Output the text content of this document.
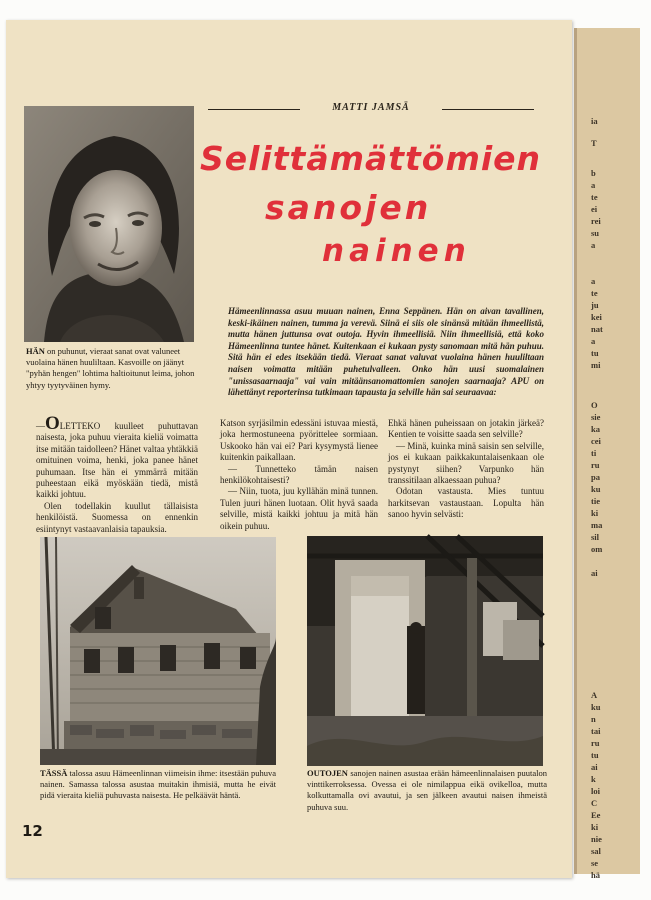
ia
T
b
a
te
ei
rei
su
a
a
te
ju
kei
nat
a
tu
mi
O
sie
ka
cei
ti
ru
pa
ku
tie
ki
ma
sil
om
ai
A
ku
n
tai
ru
tu
ai
k
loi
C
Ee
ki
nie
sal
se
hä
HÄN on puhunut, vieraat sanat ovat valuneet vuolaina hänen huuliltaan. Kasvoille on jäänyt "pyhän hengen" lohtima haltioitunut leima, johon yhtyy tyytyväinen hymy.
MATTI JAMSÄ
Selittämättömien
sanojen
nainen
Hämeenlinnassa asuu muuan nainen, Enna Seppänen. Hän on aivan tavallinen, keski-ikäinen nainen, tumma ja verevä. Siinä ei siis ole sinänsä mitään ihmeellistä, mutta hänen juttunsa ovat outoja. Hyvin ihmeellisiä. Niin ihmeellisiä, että koko Hämeenlinna tuntee hänet. Kuitenkaan ei kukaan pysty sanomaan mitä hän puhuu. Sitä hän ei edes itsekään tiedä. Vieraat sanat valuvat vuolaina hänen huuliltaan naisen voimatta mitään puhetulvalleen. Onko hän uusi suomalainen "unissasaarnaaja" vai vain mitäänsanomattomien sanojen saarnaaja? APU on lähettänyt reporterinsa tutkimaan tapausta ja selville hän sai seuraavaa:

—OLETTEKO kuulleet puhuttavan naisesta, joka puhuu vieraita kieliä voimatta itse mitään taidolleen? Hänet valtaa yhtäkkiä omituinen voima, henki, joka panee hänet puhumaan. Itse hän ei ymmärrä mitään puheestaan eikä myöskään tiedä, mistä kaikki johtuu.

Olen todellakin kuullut tällaisista henkilöistä. Suomessa on ennenkin esiintynyt vastaavanlaisia tapauksia.

Katson syrjäsilmin edessäni istuvaa miestä, joka hermostuneena pyörittelee sormiaan. Uskooko hän vai ei? Pari kysymystä lienee kuitenkin paikallaan.

— Tunnetteko tämän naisen henkilökohtaisesti?

— Niin, tuota, juu kyllähän minä tunnen. Tulen juuri hänen luotaan. Olit hyvä saada selville, mistä kaikki johtuu ja mitä hän oikein puhuu.

Ehkä hänen puheissaan on jotakin järkeä? Kentien te voisitte saada sen selville?

— Minä, kuinka minä saisin sen selville, jos ei kukaan paikkakuntalaisenkaan ole pystynyt siihen? Varpunko hän transsitilaan alkaessaan puhua?

Odotan vastausta. Mies tuntuu harkitsevan vastaustaan. Lopulta hän sanoo hyvin selvästi:

TÄSSÄ talossa asuu Hämeenlinnan viimeisin ihme: itsestään puhuva nainen. Samassa talossa asustaa muitakin ihmisiä, mutta he eivät pidä vieraita kieliä puhuvasta naisesta. He pelkäävät häntä.
OUTOJEN sanojen nainen asustaa erään hämeenlinnalaisen puutalon vinttikerroksessa. Ovessa ei ole nimilappua eikä ovikelloa, mutta kolkuttamalla ovi avautui, ja sen jälkeen avautui naisen ihmeistä puhuva suu.
12
